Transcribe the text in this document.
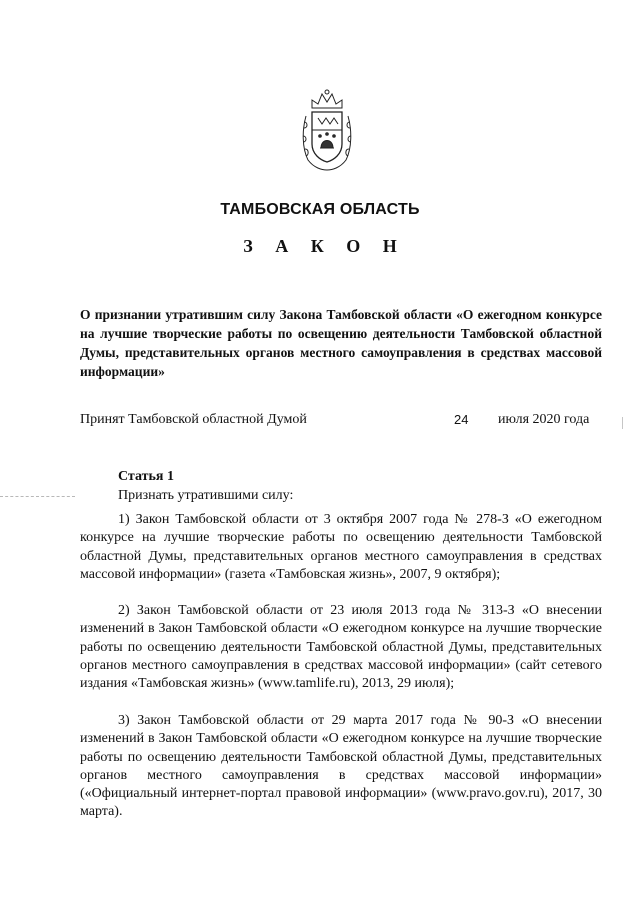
ТАМБОВСКАЯ ОБЛАСТЬ
З А К О Н
О признании утратившим силу Закона Тамбовской области «О ежегодном конкурсе на лучшие творческие работы по освещению деятельности Тамбовской областной Думы, представительных органов местного самоуправления в средствах массовой информации»
Принят Тамбовской областной Думой	24 июля 2020 года
Статья 1
Признать утратившими силу:
1) Закон Тамбовской области от 3 октября 2007 года № 278-З «О ежегодном конкурсе на лучшие творческие работы по освещению деятельности Тамбовской областной Думы, представительных органов местного самоуправления в средствах массовой информации» (газета «Тамбовская жизнь», 2007, 9 октября);
2) Закон Тамбовской области от 23 июля 2013 года № 313-З «О внесении изменений в Закон Тамбовской области «О ежегодном конкурсе на лучшие творческие работы по освещению деятельности Тамбовской областной Думы, представительных органов местного самоуправления в средствах массовой информации» (сайт сетевого издания «Тамбовская жизнь» (www.tamlife.ru), 2013, 29 июля);
3) Закон Тамбовской области от 29 марта 2017 года № 90-З «О внесении изменений в Закон Тамбовской области «О ежегодном конкурсе на лучшие творческие работы по освещению деятельности Тамбовской областной Думы, представительных органов местного самоуправления в средствах массовой информации» («Официальный интернет-портал правовой информации» (www.pravo.gov.ru), 2017, 30 марта).
